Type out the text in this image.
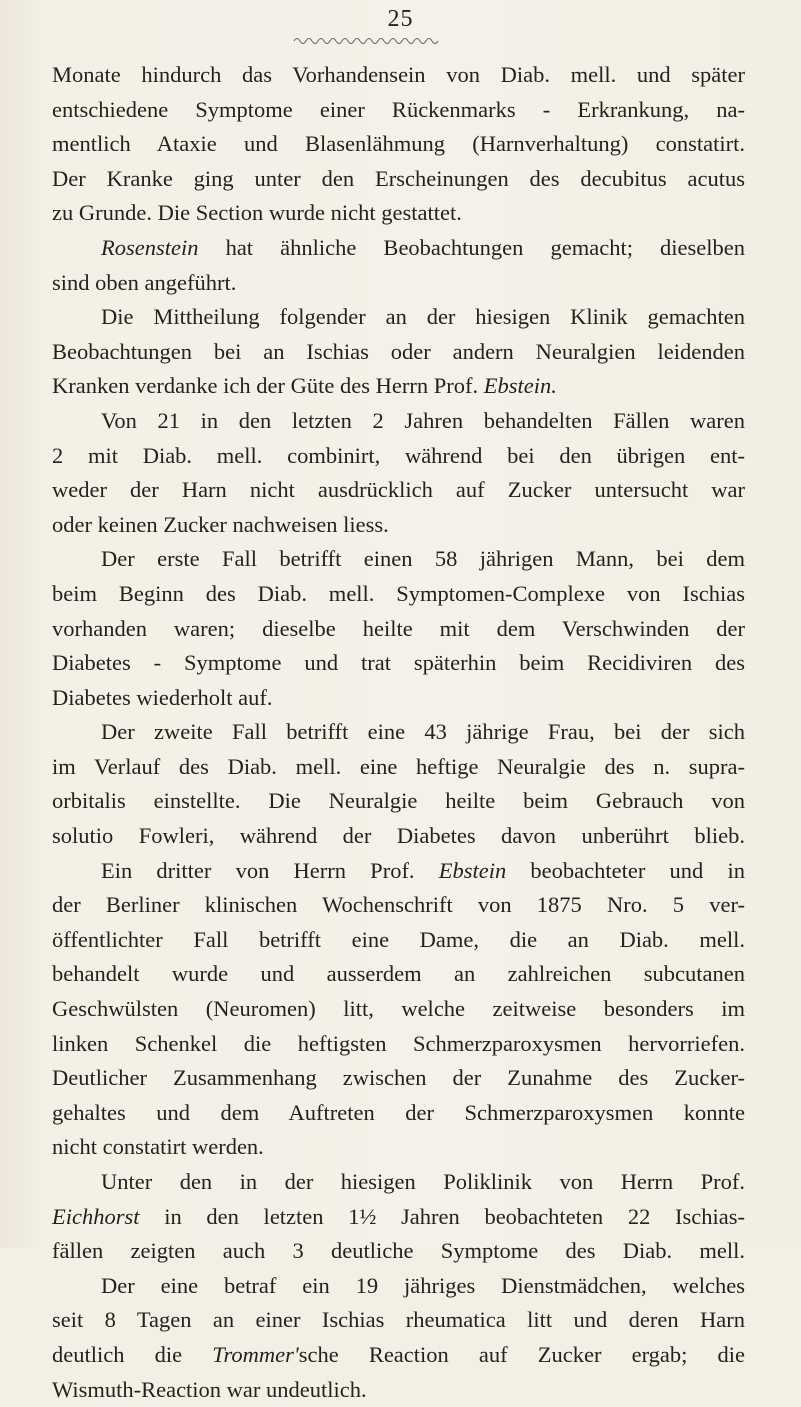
25
Monate hindurch das Vorhandensein von Diab. mell. und später
entschiedene Symptome einer Rückenmarks - Erkrankung, na-
mentlich Ataxie und Blasenlähmung (Harnverhaltung) constatirt.
Der Kranke ging unter den Erscheinungen des decubitus acutus
zu Grunde. Die Section wurde nicht gestattet.
Rosenstein hat ähnliche Beobachtungen gemacht; dieselben
sind oben angeführt.
Die Mittheilung folgender an der hiesigen Klinik gemachten
Beobachtungen bei an Ischias oder andern Neuralgien leidenden
Kranken verdanke ich der Güte des Herrn Prof. Ebstein.
Von 21 in den letzten 2 Jahren behandelten Fällen waren
2 mit Diab. mell. combinirt, während bei den übrigen ent-
weder der Harn nicht ausdrücklich auf Zucker untersucht war
oder keinen Zucker nachweisen liess.
Der erste Fall betrifft einen 58 jährigen Mann, bei dem
beim Beginn des Diab. mell. Symptomen-Complexe von Ischias
vorhanden waren; dieselbe heilte mit dem Verschwinden der
Diabetes - Symptome und trat späterhin beim Recidiviren des
Diabetes wiederholt auf.
Der zweite Fall betrifft eine 43 jährige Frau, bei der sich
im Verlauf des Diab. mell. eine heftige Neuralgie des n. supra-
orbitalis einstellte. Die Neuralgie heilte beim Gebrauch von
solutio Fowleri, während der Diabetes davon unberührt blieb.
Ein dritter von Herrn Prof. Ebstein beobachteter und in
der Berliner klinischen Wochenschrift von 1875 Nro. 5 ver-
öffentlichter Fall betrifft eine Dame, die an Diab. mell.
behandelt wurde und ausserdem an zahlreichen subcutanen
Geschwülsten (Neuromen) litt, welche zeitweise besonders im
linken Schenkel die heftigsten Schmerzparoxysmen hervorriefen.
Deutlicher Zusammenhang zwischen der Zunahme des Zucker-
gehaltes und dem Auftreten der Schmerzparoxysmen konnte
nicht constatirt werden.
Unter den in der hiesigen Poliklinik von Herrn Prof.
Eichhorst in den letzten 1½ Jahren beobachteten 22 Ischias-
fällen zeigten auch 3 deutliche Symptome des Diab. mell.
Der eine betraf ein 19 jähriges Dienstmädchen, welches
seit 8 Tagen an einer Ischias rheumatica litt und deren Harn
deutlich die Trommer'sche Reaction auf Zucker ergab; die
Wismuth-Reaction war undeutlich.
